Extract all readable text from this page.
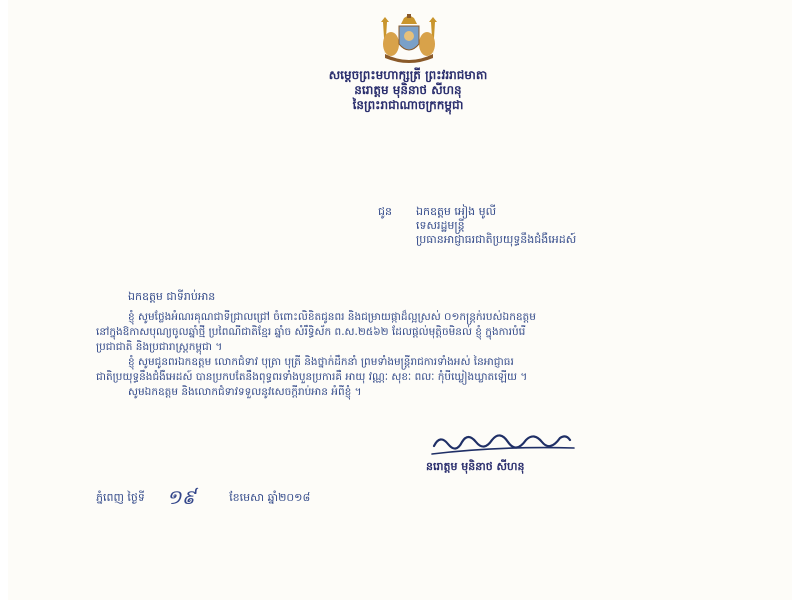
សម្តេចព្រះមហាក្សត្រី ព្រះវររាជមាតា
នរោត្តម មុនិនាថ សីហនុ
នៃព្រះរាជាណាចក្រកម្ពុជា
ជូន ឯកឧត្តម អៀង មូលី
ទេសរដ្ឋមន្ត្រី
ប្រធានអាជ្ញាធរជាតិប្រយុទ្ធនឹងជំងឺអេដស៍
ឯកឧត្តម ជាទីរាប់អាន

ខ្ញុំ សូមថ្លែងអំណរគុណជាទីជ្រាលជ្រៅ ចំពោះលិខិតជូនពរ និងជម្រាយផ្កាដ៏ល្អស្រស់ ០១កន្ត្រក់របស់ឯកឧត្តម

នៅក្នុងឱកាសបុណ្យចូលឆ្នាំថ្មី ប្រពៃណីជាតិខ្មែរ ឆ្នាំច សំរឹទ្ធិស័ក ព.ស.២៥៦២ ដែលផ្តល់មុត្តិចមិនល់ ខ្ញុំ ក្នុងការបំរើ

ប្រជាជាតិ និងប្រជារាស្ត្រកម្ពុជា ។

ខ្ញុំ សូមជូនពរឯកឧត្តម លោកជំទាវ បុត្រា បុត្រី និងថ្នាក់ដឹកនាំ ព្រមទាំងមន្ត្រីរាជការទាំងអស់ នៃអាជ្ញាធរ

ជាតិប្រយុទ្ធនឹងជំងឺអេដស៍ បានប្រកបតែនឹងពុទ្ធពរទាំងបួនប្រការគឺ អាយុ វណ្ណៈ សុខៈ ពលៈ កុំបីឃ្លៀងឃ្លាតឡើយ ។

សូមឯកឧត្តម និងលោកជំទាវទទួលនូវសេចក្តីរាប់អាន អំពីខ្ញុំ ។

នរោត្តម មុនិនាថ សីហនុ
ភ្នំពេញ ថ្ងៃទី ១៩	ខែមេសា ឆ្នាំ២០១៨
